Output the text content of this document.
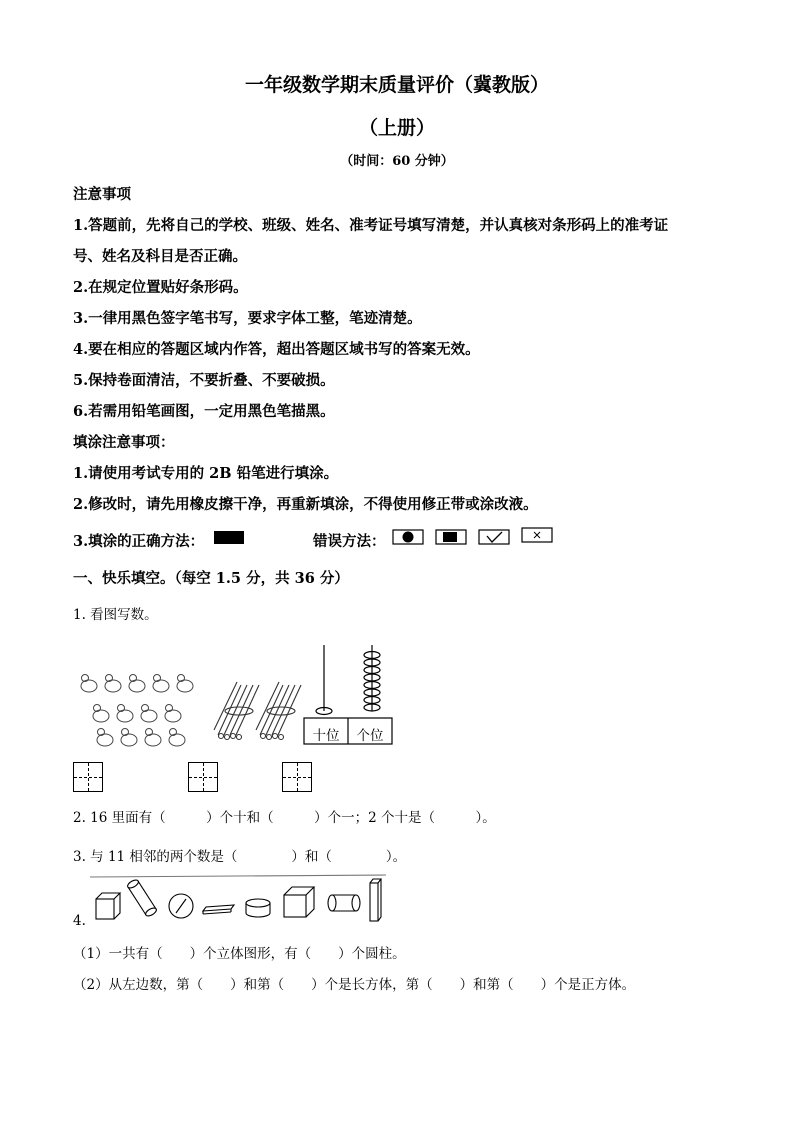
一年级数学期末质量评价（冀教版）
（上册）
（时间：60 分钟）
注意事项
1.答题前，先将自己的学校、班级、姓名、准考证号填写清楚，并认真核对条形码上的准考证
号、姓名及科目是否正确。
2.在规定位置贴好条形码。
3.一律用黑色签字笔书写，要求字体工整，笔迹清楚。
4.要在相应的答题区域内作答，超出答题区域书写的答案无效。
5.保持卷面清洁，不要折叠、不要破损。
6.若需用铅笔画图，一定用黑色笔描黑。
填涂注意事项：
1.请使用考试专用的 2B 铅笔进行填涂。
2.修改时，请先用橡皮擦干净，再重新填涂，不得使用修正带或涂改液。
3.填涂的正确方法：	错误方法：
一、快乐填空。（每空 1.5 分，共 36 分）
1. 看图写数。
十位	个位
2. 16 里面有（　　　）个十和（　　　）个一；2 个十是（　　　）。
3. 与 11 相邻的两个数是（　　　　）和（　　　　）。
4.
（1）一共有（　　）个立体图形，有（　　）个圆柱。
（2）从左边数，第（　　）和第（　　）个是长方体，第（　　）和第（　　）个是正方体。
